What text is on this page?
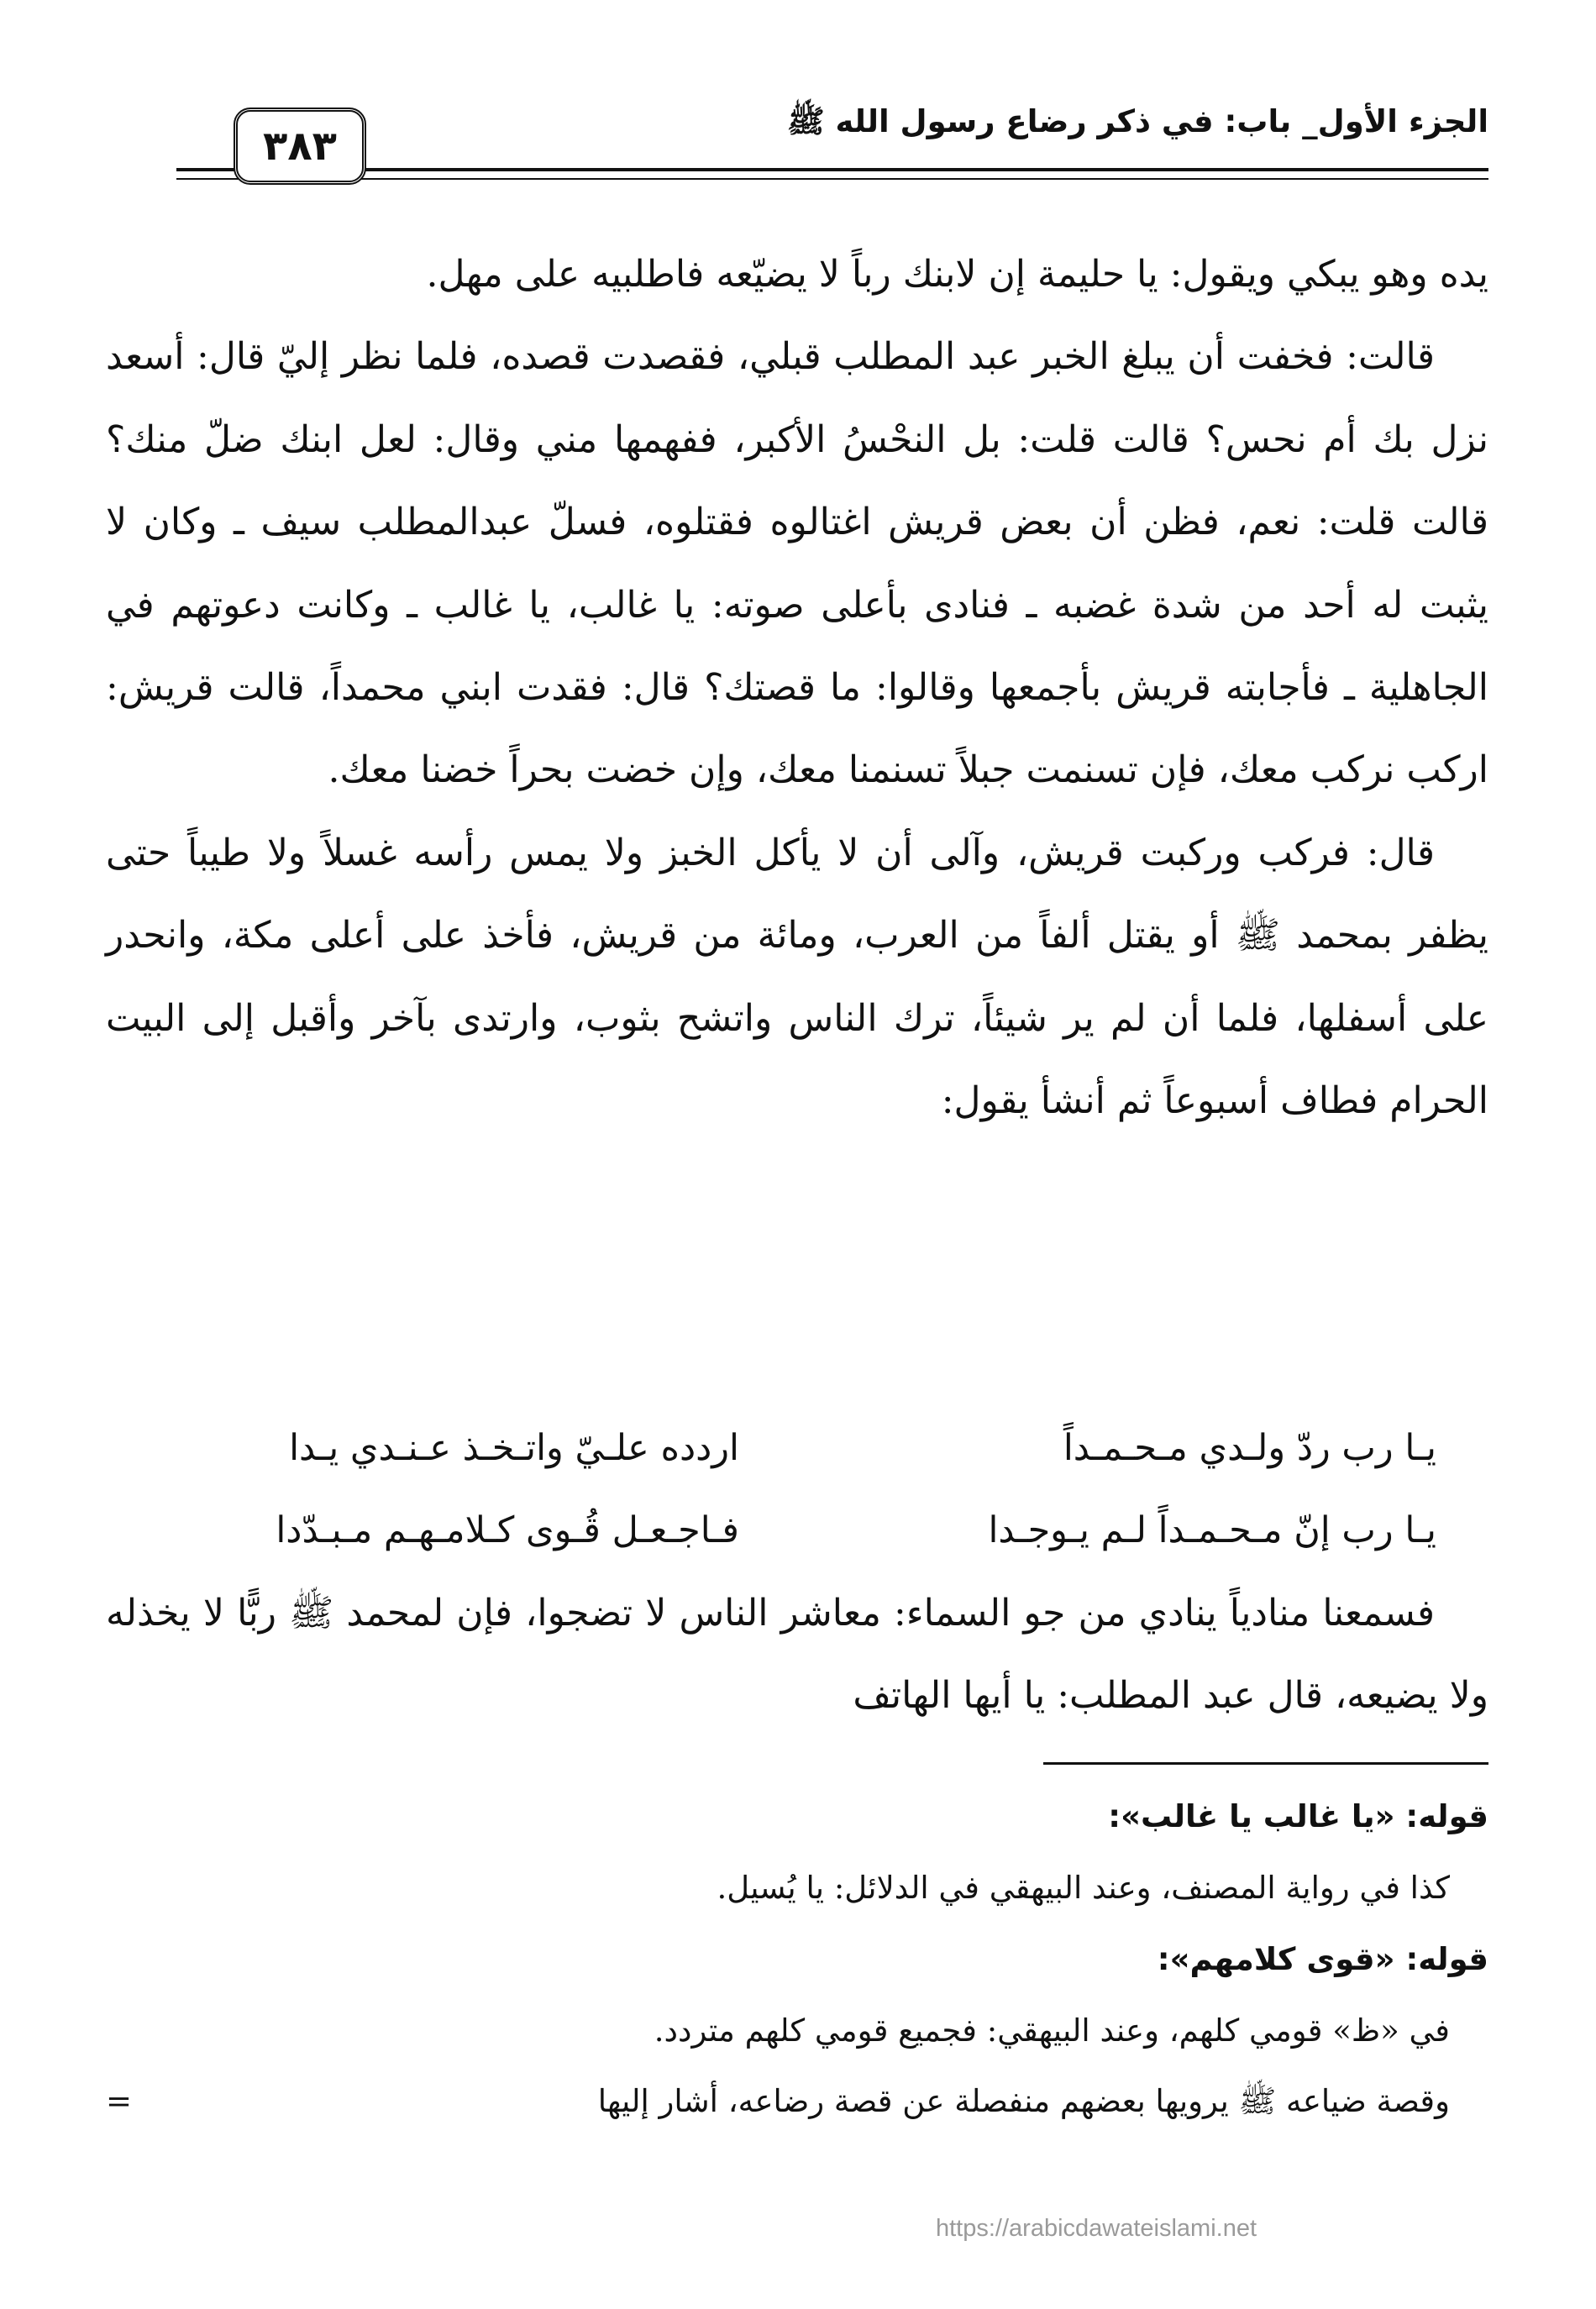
الجزء الأول_ باب: في ذكر رضاع رسول الله ﷺ
٣٨٣

يده وهو يبكي ويقول: يا حليمة إن لابنك رباً لا يضيّعه فاطلبيه على مهل.

قالت: فخفت أن يبلغ الخبر عبد المطلب قبلي، فقصدت قصده، فلما نظر إليّ قال: أسعد نزل بك أم نحس؟ قالت قلت: بل النحْسُ الأكبر، ففهمها مني وقال: لعل ابنك ضلّ منك؟ قالت قلت: نعم، فظن أن بعض قريش اغتالوه فقتلوه، فسلّ عبدالمطلب سيف ـ وكان لا يثبت له أحد من شدة غضبه ـ فنادى بأعلى صوته: يا غالب، يا غالب ـ وكانت دعوتهم في الجاهلية ـ فأجابته قريش بأجمعها وقالوا: ما قصتك؟ قال: فقدت ابني محمداً، قالت قريش: اركب نركب معك، فإن تسنمت جبلاً تسنمنا معك، وإن خضت بحراً خضنا معك.

قال: فركب وركبت قريش، وآلى أن لا يأكل الخبز ولا يمس رأسه غسلاً ولا طيباً حتى يظفر بمحمد ﷺ أو يقتل ألفاً من العرب، ومائة من قريش، فأخذ على أعلى مكة، وانحدر على أسفلها، فلما أن لم ير شيئاً، ترك الناس واتشح بثوب، وارتدى بآخر وأقبل إلى البيت الحرام فطاف أسبوعاً ثم أنشأ يقول:

يـا رب ردّ ولـدي مـحـمـداً
اردده علـيّ واتـخـذ عـنـدي يـدا
يـا رب إنّ مـحـمـداً لـم يـوجـدا
فـاجـعـل قُـوى كـلامـهـم مـبـدّدا

فسمعنا منادياً ينادي من جو السماء: معاشر الناس لا تضجوا، فإن لمحمد ﷺ ربًّا لا يخذله ولا يضيعه، قال عبد المطلب: يا أيها الهاتف

قوله: «يا غالب يا غالب»:
كذا في رواية المصنف، وعند البيهقي في الدلائل: يا يُسيل.
قوله: «قوى كلامهم»:
في «ظ» قومي كلهم، وعند البيهقي: فجميع قومي كلهم متردد.
وقصة ضياعه ﷺ يرويها بعضهم منفصلة عن قصة رضاعه، أشار إليها
=
https://arabicdawateislami.net
